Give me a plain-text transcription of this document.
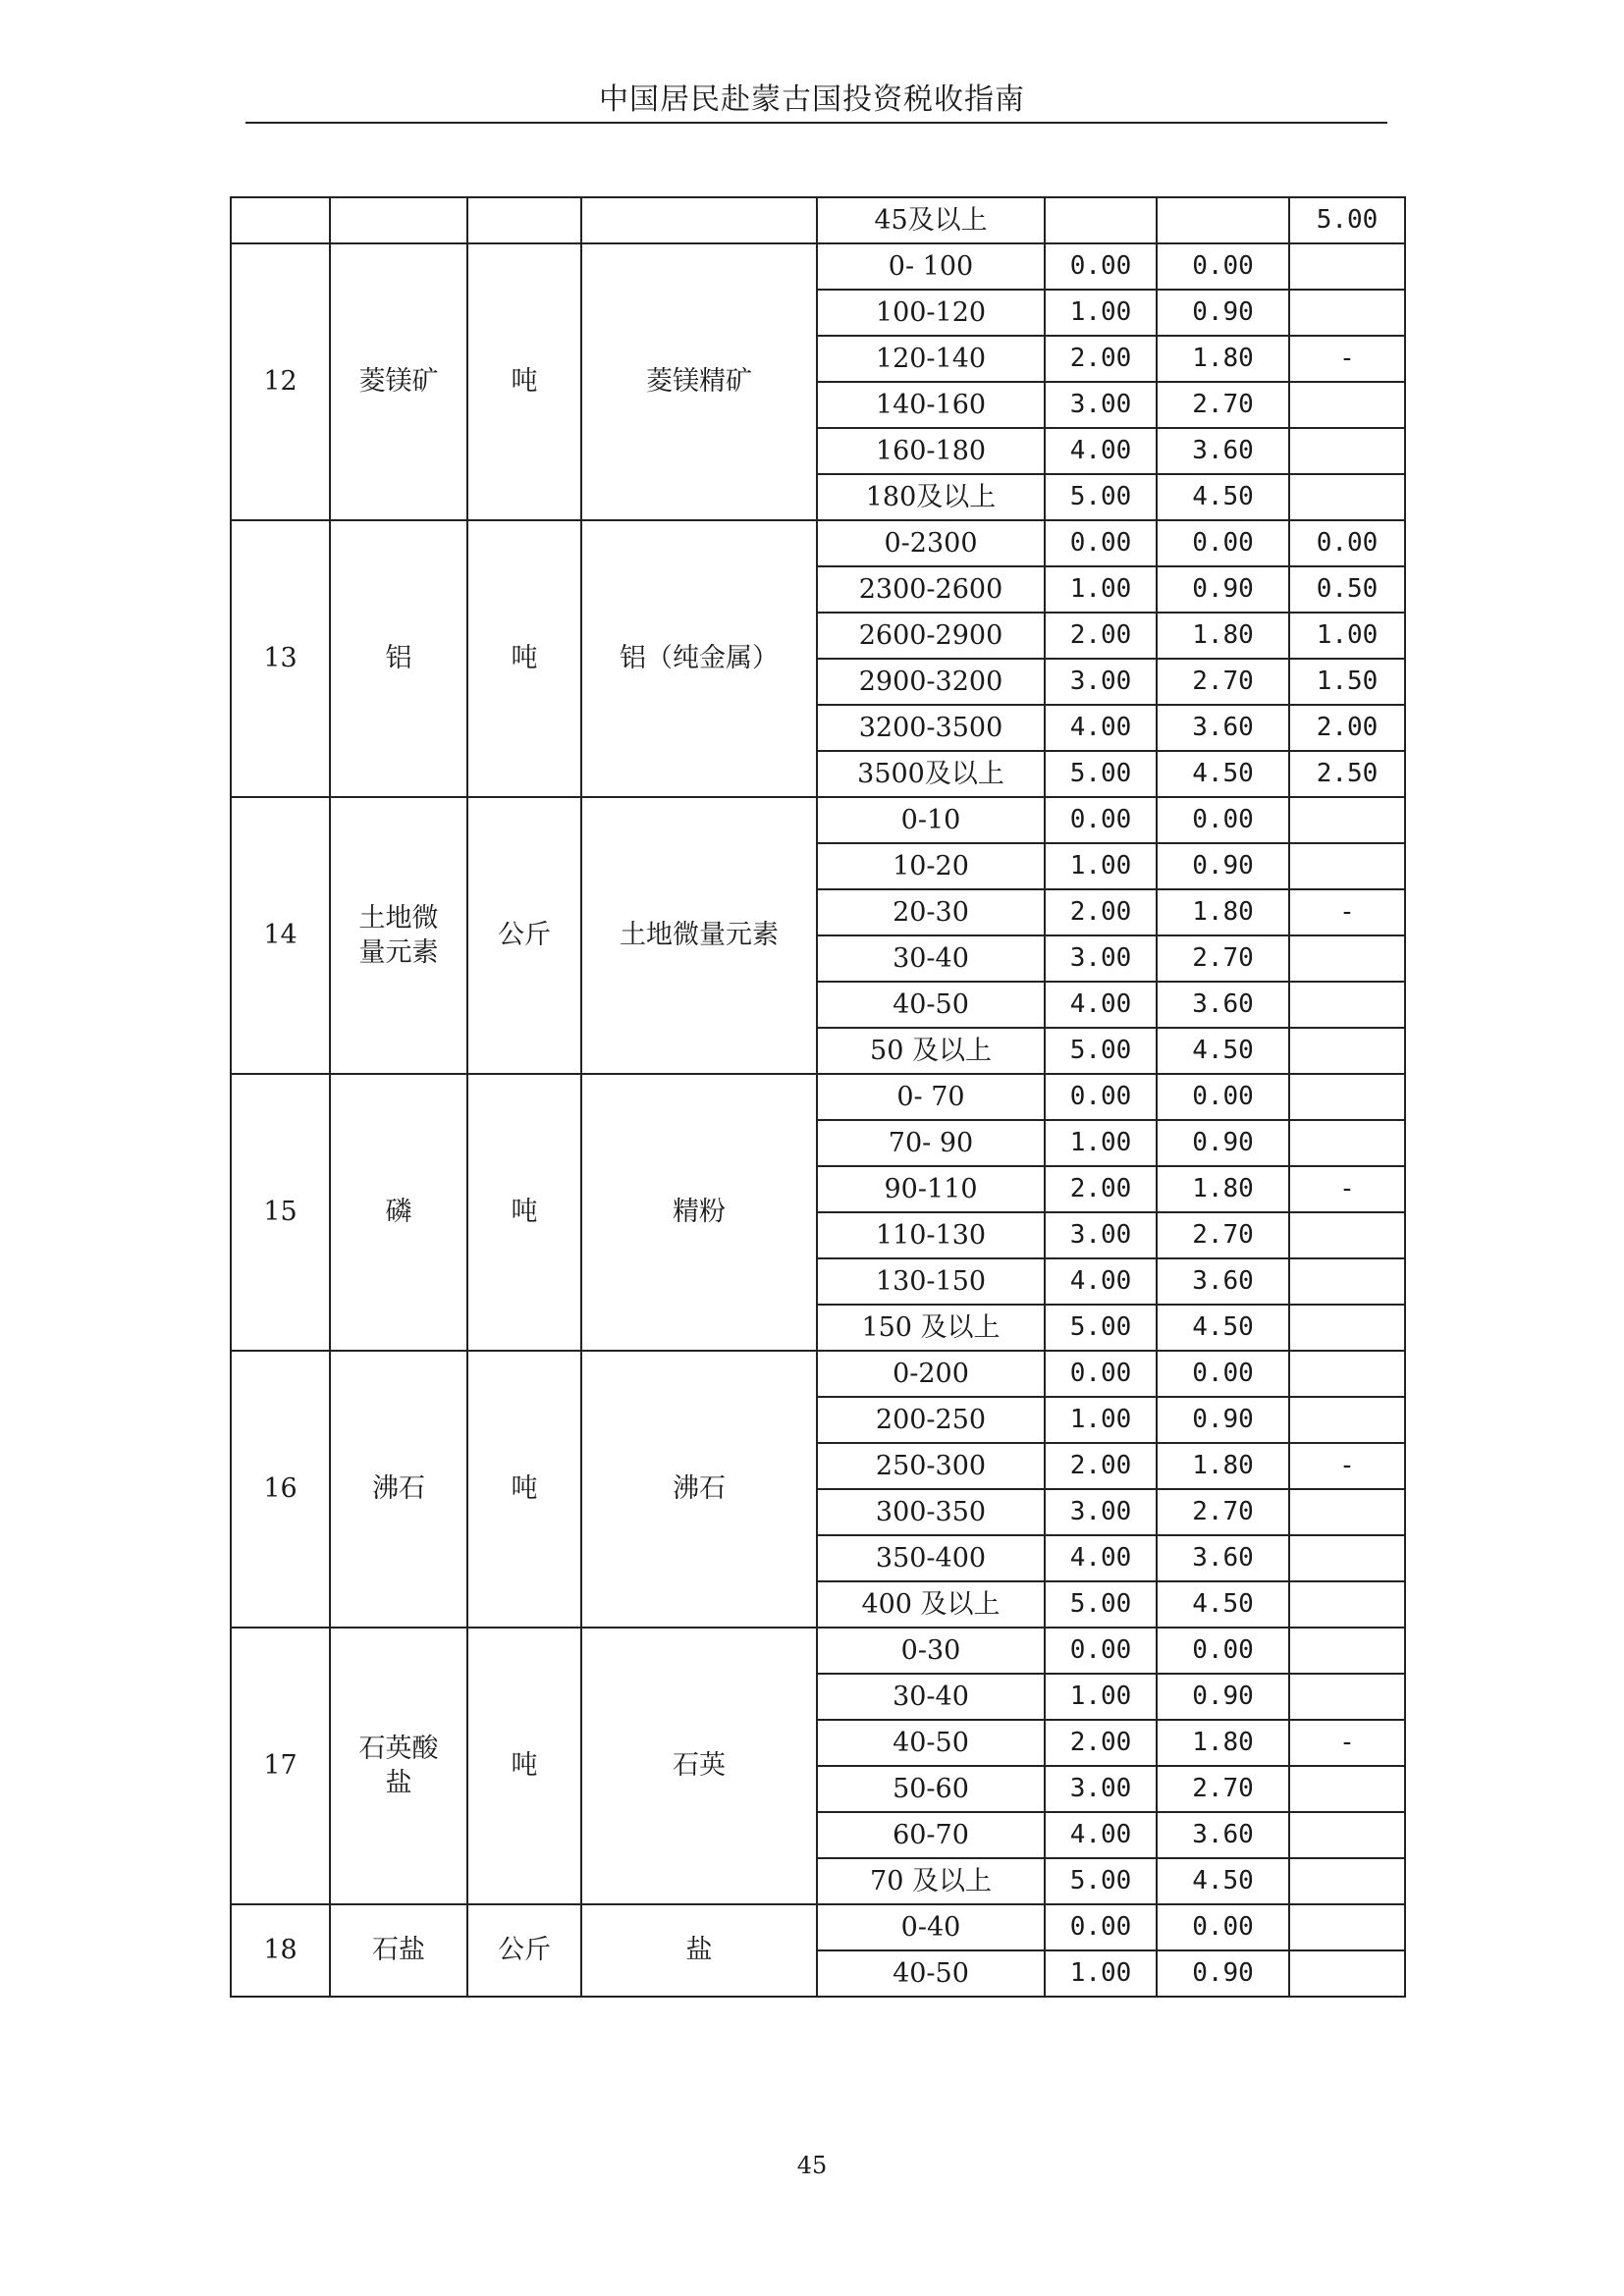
中国居民赴蒙古国投资税收指南
				45及以上			5.00
12	菱镁矿	吨	菱镁精矿	0- 100	0.00	0.00	
				100-120	1.00	0.90	
				120-140	2.00	1.80	-
				140-160	3.00	2.70	
				160-180	4.00	3.60	
				180及以上	5.00	4.50	
13	铝	吨	铝（纯金属）	0-2300	0.00	0.00	0.00
				2300-2600	1.00	0.90	0.50
				2600-2900	2.00	1.80	1.00
				2900-3200	3.00	2.70	1.50
				3200-3500	4.00	3.60	2.00
				3500及以上	5.00	4.50	2.50
14	土地微量元素	公斤	土地微量元素	0-10	0.00	0.00	
				10-20	1.00	0.90	
				20-30	2.00	1.80	-
				30-40	3.00	2.70	
				40-50	4.00	3.60	
				50 及以上	5.00	4.50	
15	磷	吨	精粉	0- 70	0.00	0.00	
				70- 90	1.00	0.90	
				90-110	2.00	1.80	-
				110-130	3.00	2.70	
				130-150	4.00	3.60	
				150 及以上	5.00	4.50	
16	沸石	吨	沸石	0-200	0.00	0.00	
				200-250	1.00	0.90	
				250-300	2.00	1.80	-
				300-350	3.00	2.70	
				350-400	4.00	3.60	
				400 及以上	5.00	4.50	
17	石英酸盐	吨	石英	0-30	0.00	0.00	
				30-40	1.00	0.90	
				40-50	2.00	1.80	-
				50-60	3.00	2.70	
				60-70	4.00	3.60	
				70 及以上	5.00	4.50	
18	石盐	公斤	盐	0-40	0.00	0.00	
				40-50	1.00	0.90	
45
